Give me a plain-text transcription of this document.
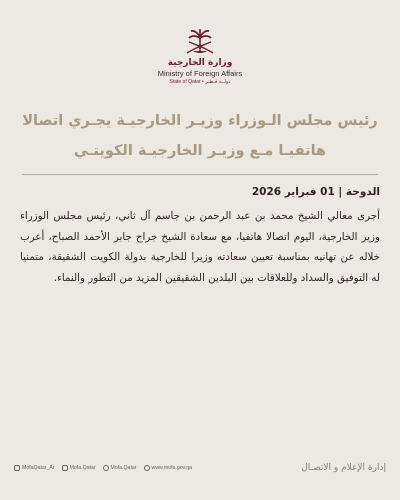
وزارة الخارجية
Ministry of Foreign Affairs
State of Qatar • دولــة قـطـر
رئيس مجلس الـوزراء وزيـر الخارجيـة يجـري اتصالا
هاتفيـا مـع وزيـر الخارجيـة الكويتـي
الدوحة | 01 فبراير 2026
أجرى معالي الشيخ محمد بن عبد الرحمن بن جاسم آل ثاني، رئيس مجلس الوزراء وزير الخارجية، اليوم اتصالا هاتفيا، مع سعادة الشيخ جراح جابر الأحمد الصباح، أعرب خلاله عن تهانيه بمناسبة تعيين سعادته وزيرا للخارجية بدولة الكويت الشقيقة، متمنيا له التوفيق والسداد وللعلاقات بين البلدين الشقيقين المزيد من التطور والنماء.
MofaQatar_Ar	Mofa.Qatar	Mofa.Qatar	www.mofa.gov.qa	إدارة الإعلام و الاتصـال
